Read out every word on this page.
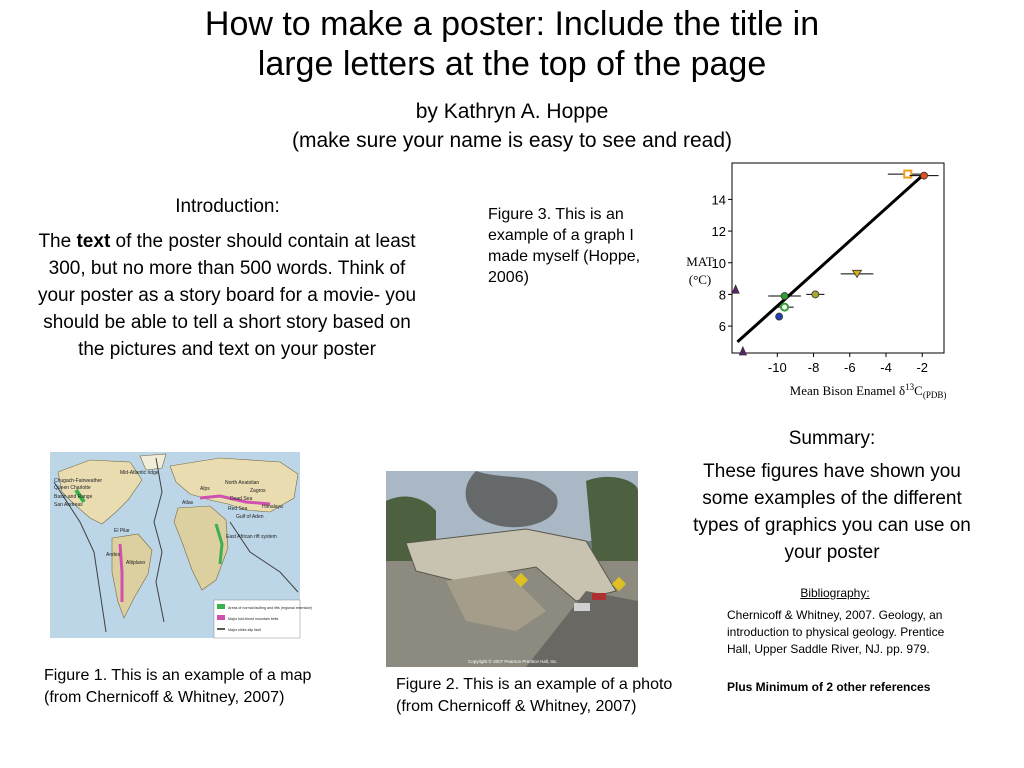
How to make a poster: Include the title in
large letters at the top of the page
by Kathryn A. Hoppe
(make sure your name is easy to see and read)
Introduction:
The text of the poster should contain at least 300, but no more than 500 words. Think of your poster as a story board for a movie- you should be able to tell a short story based on the pictures and text on your poster
Figure 3. This is an example of a graph I made myself (Hoppe, 2006)
-10 -8 -6 -4 -2
6
8
10
12
14
MAT
(°C)
Mean Bison Enamel $\delta^{13}C_{(PDB)}$
Chugach-Fairweather
Queen Charlotte
Basin and Range
San Andreas
Mid-Atlantic ridge
North Anatolian
El Pilar
Andes
Altiplano
Alps
Dead Sea
Gulf of Aden
East African rift system
Red Sea
Zagros
Himalaya
Atlas
Areas of normal faulting and rifts (regional extension)
Major fold-thrust mountain belts
Major strike-slip fault
Copyright © 2007 Pearson Prentice Hall, Inc.
Figure 1. This is an example of a map (from Chernicoff & Whitney, 2007)
Figure 2. This is an example of a photo (from Chernicoff & Whitney, 2007)
Summary:
These figures have shown you some examples of the different types of graphics you can use on your poster
Bibliography:
Chernicoff & Whitney, 2007. Geology, an introduction to physical geology. Prentice Hall, Upper Saddle River, NJ. pp. 979.
Plus Minimum of 2 other references
